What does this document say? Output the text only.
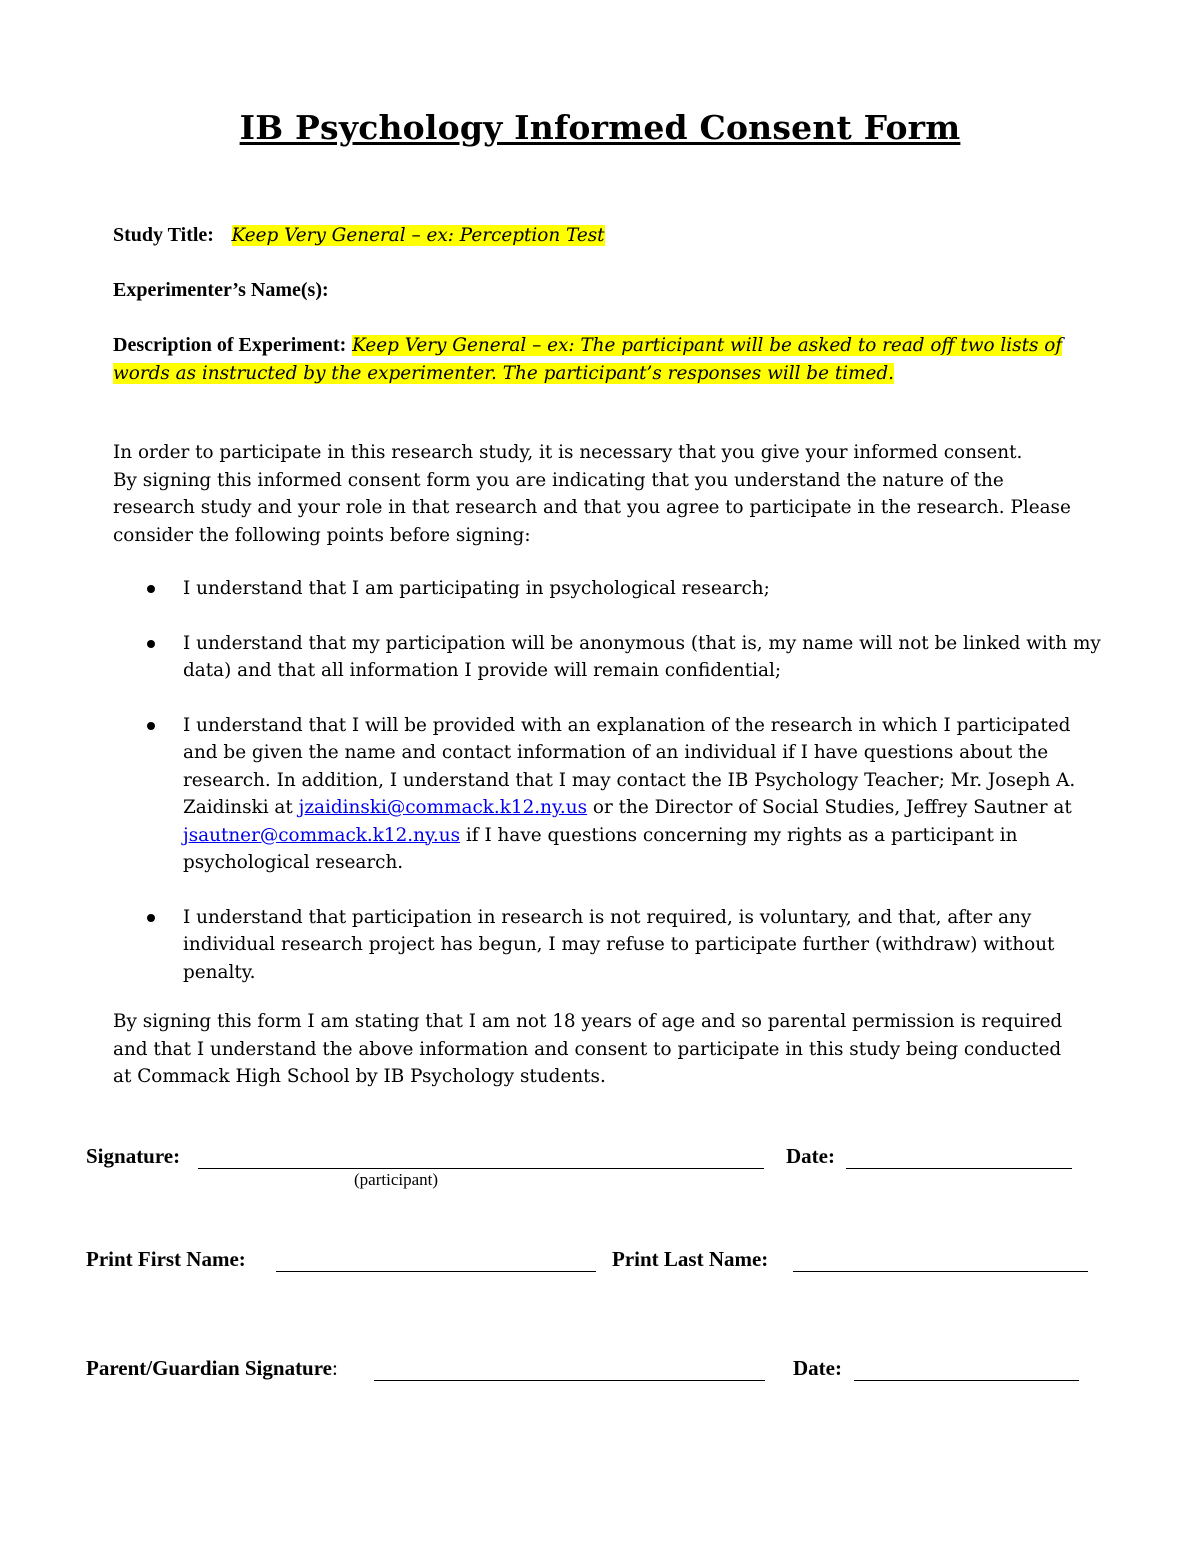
IB Psychology Informed Consent Form
Study Title: Keep Very General – ex: Perception Test
Experimenter’s Name(s):
Description of Experiment: Keep Very General – ex: The participant will be asked to read off two lists of words as instructed by the experimenter. The participant’s responses will be timed.
In order to participate in this research study, it is necessary that you give your informed consent.
By signing this informed consent form you are indicating that you understand the nature of the research study and your role in that research and that you agree to participate in the research. Please consider the following points before signing:
I understand that I am participating in psychological research;
I understand that my participation will be anonymous (that is, my name will not be linked with my data) and that all information I provide will remain confidential;
I understand that I will be provided with an explanation of the research in which I participated and be given the name and contact information of an individual if I have questions about the research. In addition, I understand that I may contact the IB Psychology Teacher; Mr. Joseph A. Zaidinski at jzaidinski@commack.k12.ny.us or the Director of Social Studies, Jeffrey Sautner at jsautner@commack.k12.ny.us if I have questions concerning my rights as a participant in psychological research.
I understand that participation in research is not required, is voluntary, and that, after any individual research project has begun, I may refuse to participate further (withdraw) without penalty.
By signing this form I am stating that I am not 18 years of age and so parental permission is required and that I understand the above information and consent to participate in this study being conducted at Commack High School by IB Psychology students.
Signature:
(participant)
Date:
Print First Name:	Print Last Name:
Parent/Guardian Signature:	Date:
